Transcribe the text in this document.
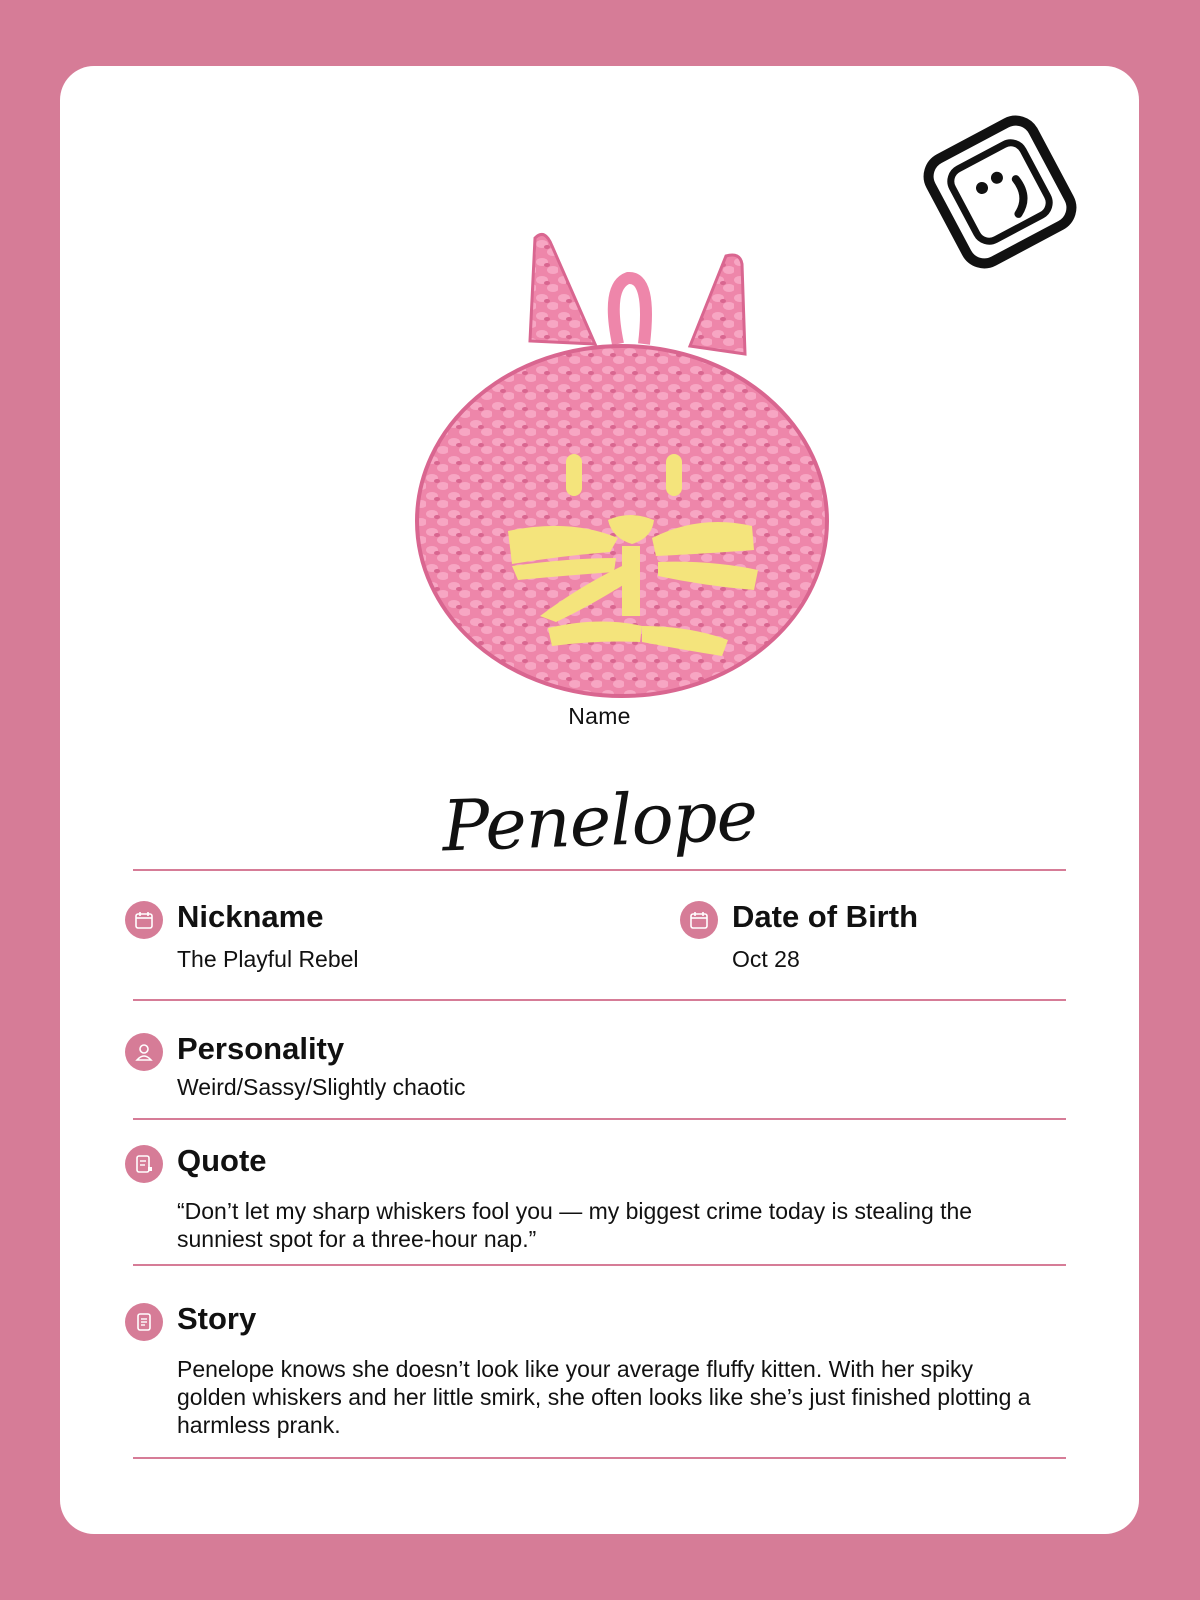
Name
Penelope
Nickname
The Playful Rebel
Date of Birth
Oct 28
Personality
Weird/Sassy/Slightly chaotic
Quote
“Don’t let my sharp whiskers fool you — my biggest crime today is stealing the sunniest spot for a three-hour nap.”
Story
Penelope knows she doesn’t look like your average fluffy kitten. With her spiky golden whiskers and her little smirk, she often looks like she’s just finished plotting a harmless prank.
